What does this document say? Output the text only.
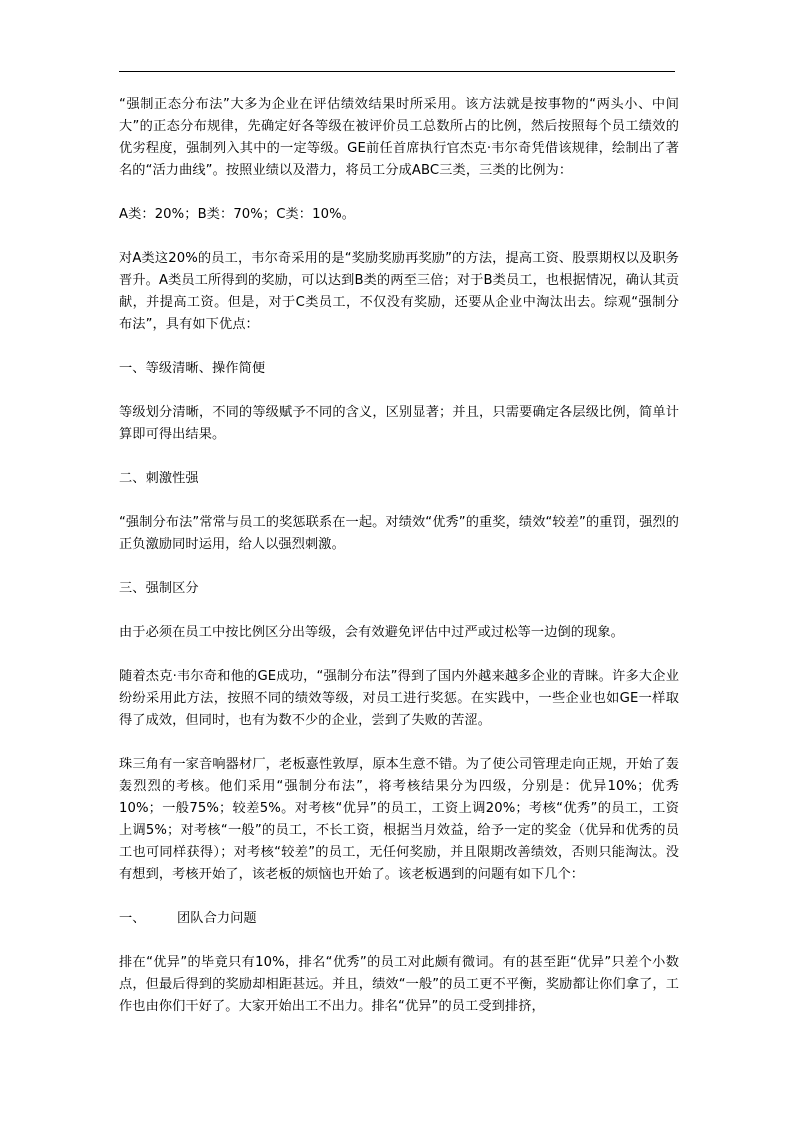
“强制正态分布法”大多为企业在评估绩效结果时所采用。该方法就是按事物的“两头小、中间大”的正态分布规律，先确定好各等级在被评价员工总数所占的比例，然后按照每个员工绩效的优劣程度，强制列入其中的一定等级。GE前任首席执行官杰克·韦尔奇凭借该规律，绘制出了著名的“活力曲线”。按照业绩以及潜力，将员工分成ABC三类，三类的比例为：

A类：20%；B类：70%；C类：10%。

对A类这20%的员工，韦尔奇采用的是“奖励奖励再奖励”的方法，提高工资、股票期权以及职务晋升。A类员工所得到的奖励，可以达到B类的两至三倍；对于B类员工，也根据情况，确认其贡献，并提高工资。但是，对于C类员工，不仅没有奖励，还要从企业中淘汰出去。综观“强制分布法”，具有如下优点：

一、等级清晰、操作简便

等级划分清晰，不同的等级赋予不同的含义，区别显著；并且，只需要确定各层级比例，简单计算即可得出结果。

二、刺激性强

“强制分布法”常常与员工的奖惩联系在一起。对绩效“优秀”的重奖，绩效“较差”的重罚，强烈的正负激励同时运用，给人以强烈刺激。

三、强制区分

由于必须在员工中按比例区分出等级，会有效避免评估中过严或过松等一边倒的现象。

随着杰克·韦尔奇和他的GE成功，“强制分布法”得到了国内外越来越多企业的青睐。许多大企业纷纷采用此方法，按照不同的绩效等级，对员工进行奖惩。在实践中，一些企业也如GE一样取得了成效，但同时，也有为数不少的企业，尝到了失败的苦涩。

珠三角有一家音响器材厂，老板憙性敦厚，原本生意不错。为了使公司管理走向正规，开始了轰轰烈烈的考核。他们采用“强制分布法”，将考核结果分为四级，分别是：优异10%；优秀10%；一般75%；较差5%。对考核“优异”的员工，工资上调20%；考核“优秀”的员工，工资上调5%；对考核“一般”的员工，不长工资，根据当月效益，给予一定的奖金（优异和优秀的员工也可同样获得）；对考核“较差”的员工，无任何奖励，并且限期改善绩效，否则只能淘汰。没有想到，考核开始了，该老板的烦恼也开始了。该老板遇到的问题有如下几个：

一、 团队合力问题

排在“优异”的毕竟只有10%，排名“优秀”的员工对此颇有微词。有的甚至距“优异”只差个小数点，但最后得到的奖励却相距甚远。并且，绩效“一般”的员工更不平衡，奖励都让你们拿了，工作也由你们干好了。大家开始出工不出力。排名“优异”的员工受到排挤，
